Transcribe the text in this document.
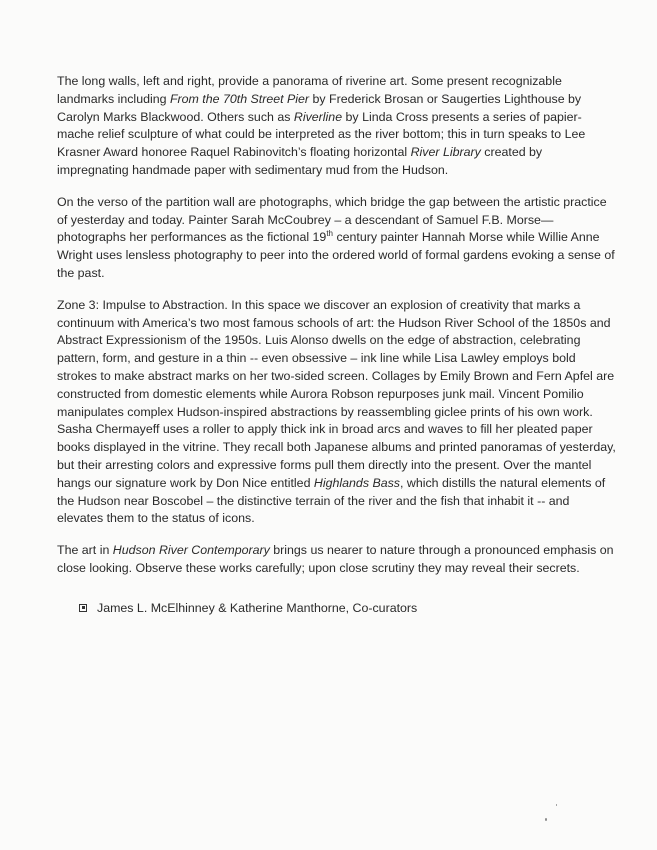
The long walls, left and right, provide a panorama of riverine art. Some present recognizable landmarks including From the 70th Street Pier by Frederick Brosan or Saugerties Lighthouse by Carolyn Marks Blackwood. Others such as Riverline by Linda Cross presents a series of papier-mache relief sculpture of what could be interpreted as the river bottom; this in turn speaks to Lee Krasner Award honoree Raquel Rabinovitch’s floating horizontal River Library created by impregnating handmade paper with sedimentary mud from the Hudson.

On the verso of the partition wall are photographs, which bridge the gap between the artistic practice of yesterday and today. Painter Sarah McCoubrey – a descendant of Samuel F.B. Morse—photographs her performances as the fictional 19th century painter Hannah Morse while Willie Anne Wright uses lensless photography to peer into the ordered world of formal gardens evoking a sense of the past.

Zone 3: Impulse to Abstraction. In this space we discover an explosion of creativity that marks a continuum with America’s two most famous schools of art: the Hudson River School of the 1850s and Abstract Expressionism of the 1950s. Luis Alonso dwells on the edge of abstraction, celebrating pattern, form, and gesture in a thin -- even obsessive – ink line while Lisa Lawley employs bold strokes to make abstract marks on her two-sided screen. Collages by Emily Brown and Fern Apfel are constructed from domestic elements while Aurora Robson repurposes junk mail. Vincent Pomilio manipulates complex Hudson-inspired abstractions by reassembling giclee prints of his own work. Sasha Chermayeff uses a roller to apply thick ink in broad arcs and waves to fill her pleated paper books displayed in the vitrine. They recall both Japanese albums and printed panoramas of yesterday, but their arresting colors and expressive forms pull them directly into the present. Over the mantel hangs our signature work by Don Nice entitled Highlands Bass, which distills the natural elements of the Hudson near Boscobel – the distinctive terrain of the river and the fish that inhabit it -- and elevates them to the status of icons.

The art in Hudson River Contemporary brings us nearer to nature through a pronounced emphasis on close looking. Observe these works carefully; upon close scrutiny they may reveal their secrets.

James L. McElhinney & Katherine Manthorne, Co-curators
